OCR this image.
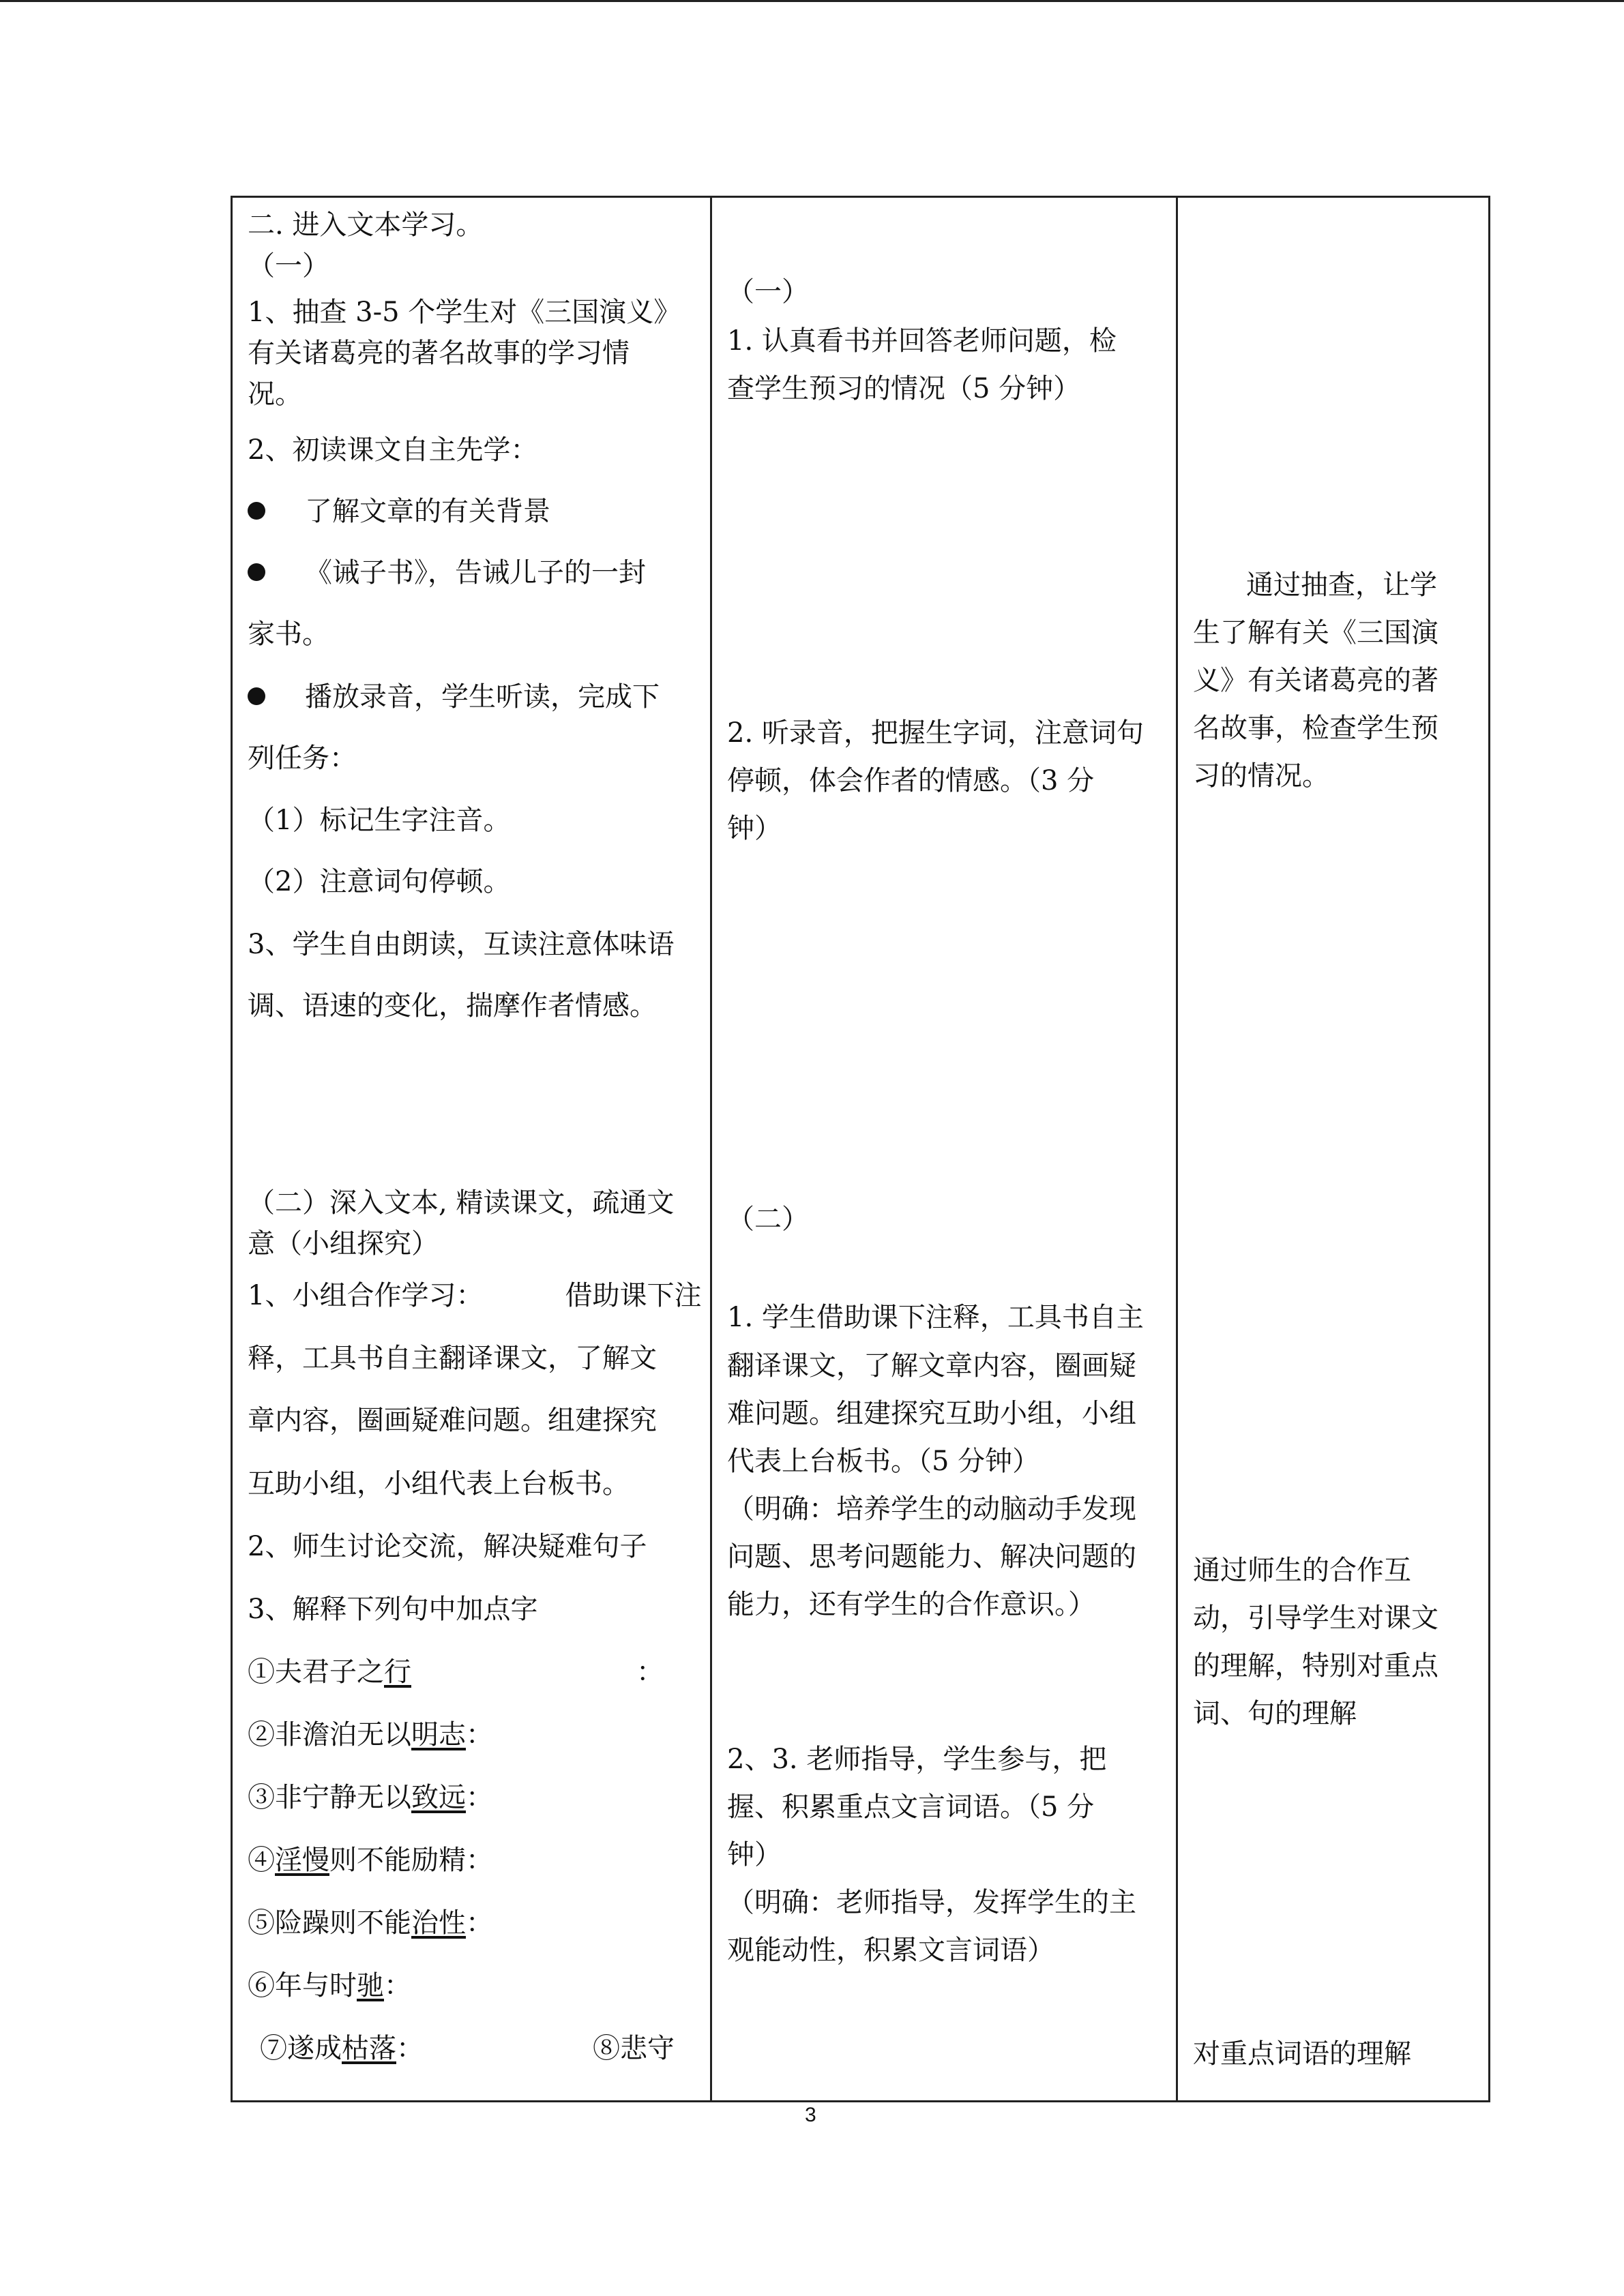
二. 进入文本学习。
（一）
1、抽查 3-5 个学生对《三国演义》
有关诸葛亮的著名故事的学习情
况。
2、初读课文自主先学：
了解文章的有关背景
《诫子书》，告诫儿子的一封
家书。
播放录音，学生听读，完成下
列任务：
（1）标记生字注音。
（2）注意词句停顿。
3、学生自由朗读，互读注意体味语
调、语速的变化，揣摩作者情感。
（二）深入文本, 精读课文，疏通文
意（小组探究）
1、小组合作学习：	借助课下注
释，工具书自主翻译课文，了解文
章内容，圈画疑难问题。组建探究
互助小组，小组代表上台板书。
2、师生讨论交流，解决疑难句子
3、解释下列句中加点字
①夫君子之行	：
②非澹泊无以明志：
③非宁静无以致远：
④淫慢则不能励精：
⑤险躁则不能治性：
⑥年与时驰：
⑦遂成枯落：	⑧悲守

（一）
1. 认真看书并回答老师问题，检
查学生预习的情况（5 分钟）
2. 听录音，把握生字词，注意词句
停顿，体会作者的情感。（3 分
钟）
（二）
1. 学生借助课下注释，工具书自主
翻译课文，了解文章内容，圈画疑
难问题。组建探究互助小组，小组
代表上台板书。（5 分钟）
（明确：培养学生的动脑动手发现
问题、思考问题能力、解决问题的
能力，还有学生的合作意识。）
2、3. 老师指导，学生参与，把
握、积累重点文言词语。（5 分
钟）
（明确：老师指导，发挥学生的主
观能动性，积累文言词语）

通过抽查，让学
生了解有关《三国演
义》有关诸葛亮的著
名故事，检查学生预
习的情况。
通过师生的合作互
动，引导学生对课文
的理解，特别对重点
词、句的理解
对重点词语的理解
3
